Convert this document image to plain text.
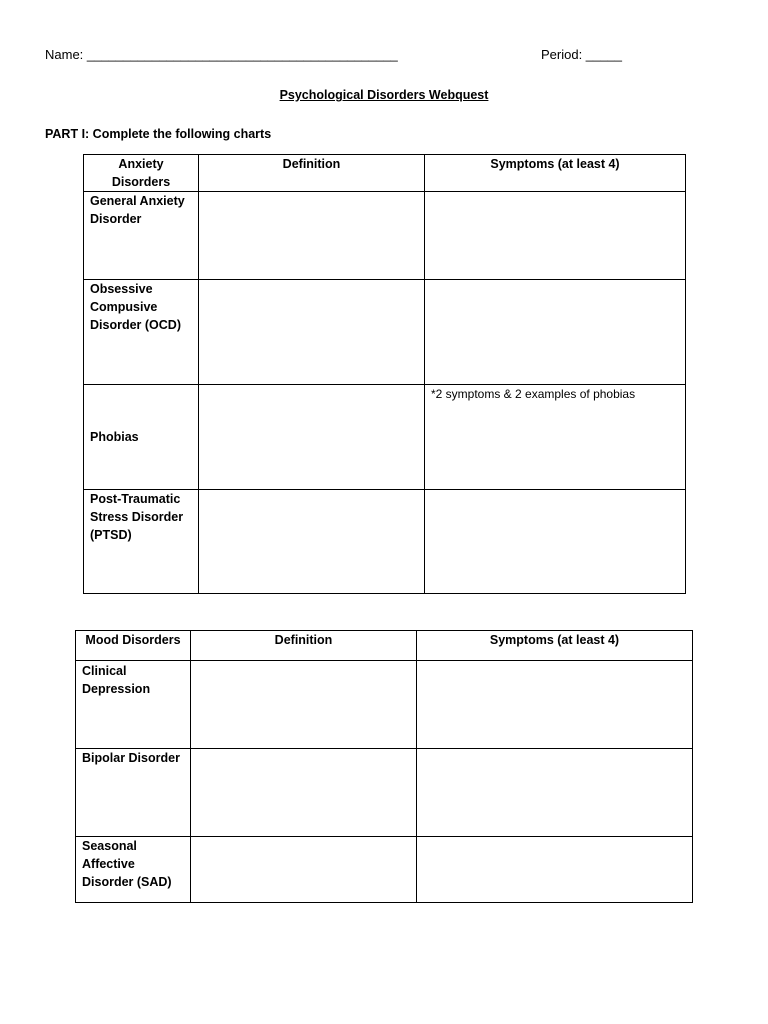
Name: ___________________________________________	Period: _____
Psychological Disorders Webquest
PART I: Complete the following charts
Anxiety Disorders	Definition	Symptoms (at least 4)

General Anxiety Disorder		

Obsessive Compusive Disorder (OCD)		

Phobias		*2 symptoms & 2 examples of phobias

Post-Traumatic Stress Disorder (PTSD)		

Mood Disorders	Definition	Symptoms (at least 4)

Clinical Depression		

Bipolar Disorder		

Seasonal Affective Disorder (SAD)		
